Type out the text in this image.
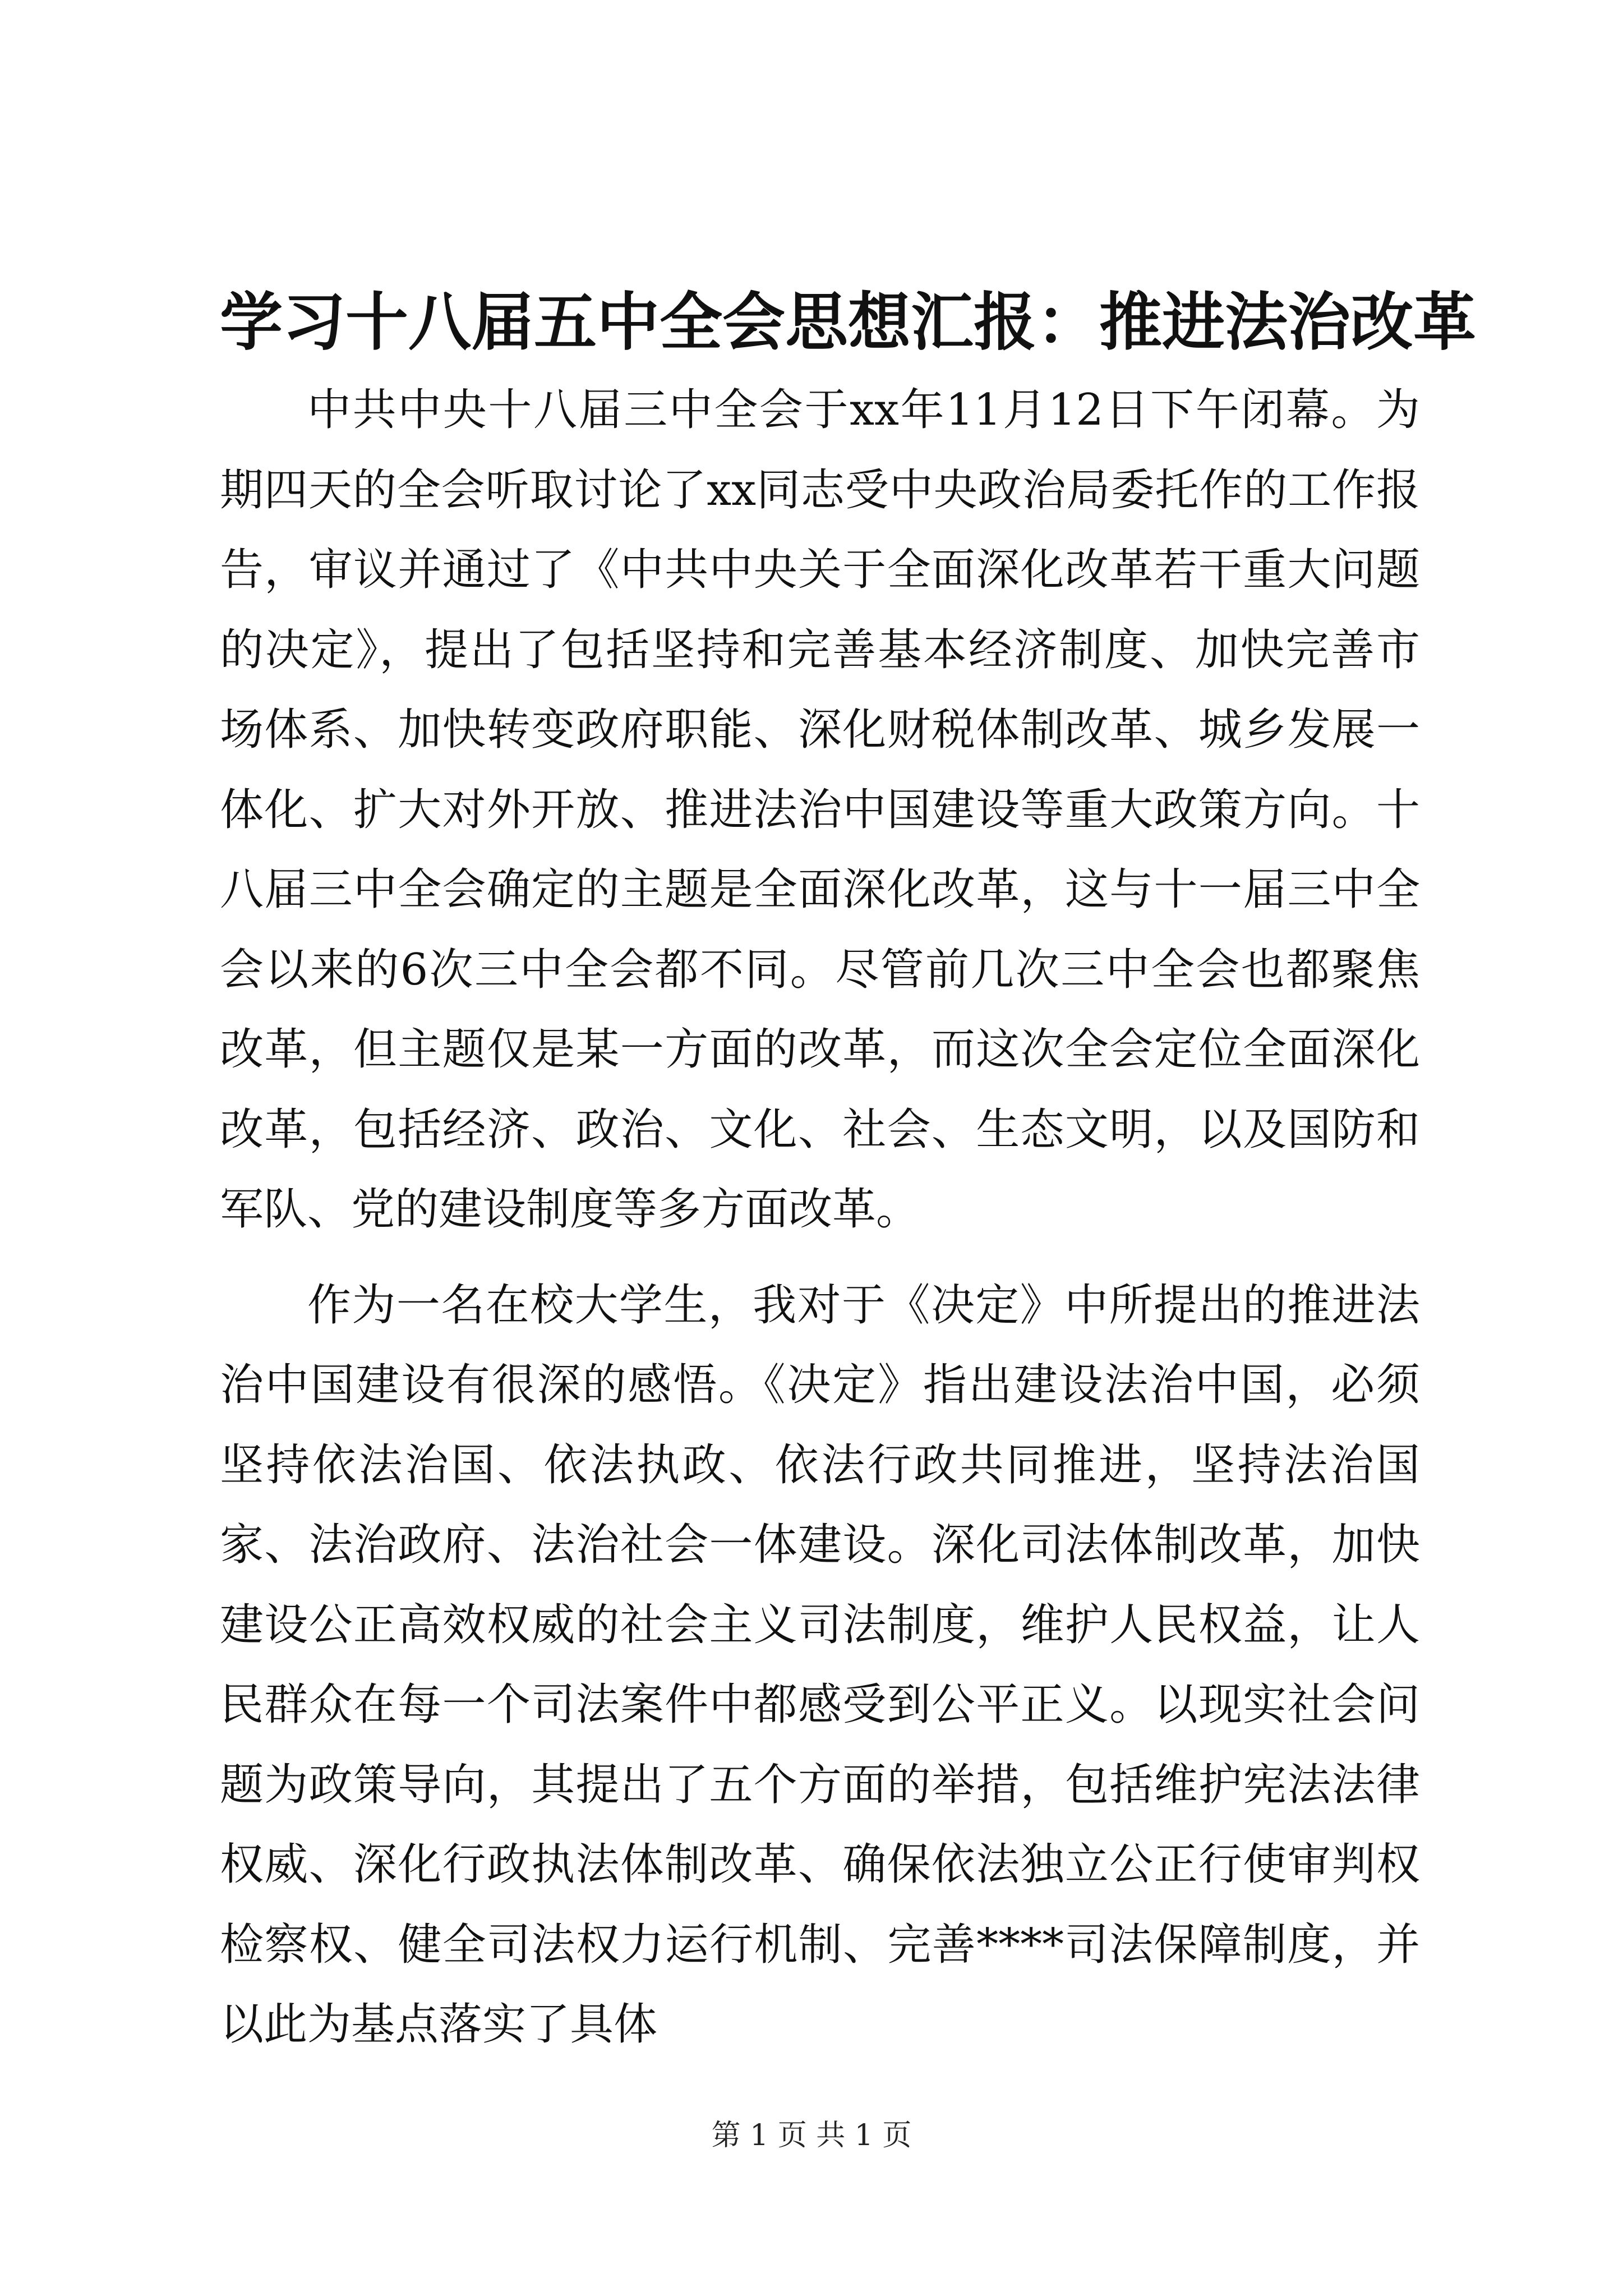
学习十八届五中全会思想汇报：推进法治改革

中共中央十八届三中全会于xx年11月12日下午闭幕。为期四天的全会听取讨论了xx同志受中央政治局委托作的工作报告，审议并通过了《中共中央关于全面深化改革若干重大问题的决定》，提出了包括坚持和完善基本经济制度、加快完善市场体系、加快转变政府职能、深化财税体制改革、城乡发展一体化、扩大对外开放、推进法治中国建设等重大政策方向。十八届三中全会确定的主题是全面深化改革，这与十一届三中全会以来的6次三中全会都不同。尽管前几次三中全会也都聚焦改革，但主题仅是某一方面的改革，而这次全会定位全面深化改革，包括经济、政治、文化、社会、生态文明，以及国防和军队、党的建设制度等多方面改革。

作为一名在校大学生，我对于《决定》中所提出的推进法治中国建设有很深的感悟。《决定》指出建设法治中国，必须坚持依法治国、依法执政、依法行政共同推进，坚持法治国家、法治政府、法治社会一体建设。深化司法体制改革，加快建设公正高效权威的社会主义司法制度，维护人民权益，让人民群众在每一个司法案件中都感受到公平正义。以现实社会问题为政策导向，其提出了五个方面的举措，包括维护宪法法律权威、深化行政执法体制改革、确保依法独立公正行使审判权检察权、健全司法权力运行机制、完善****司法保障制度，并以此为基点落实了具体

第 1 页 共 1 页
